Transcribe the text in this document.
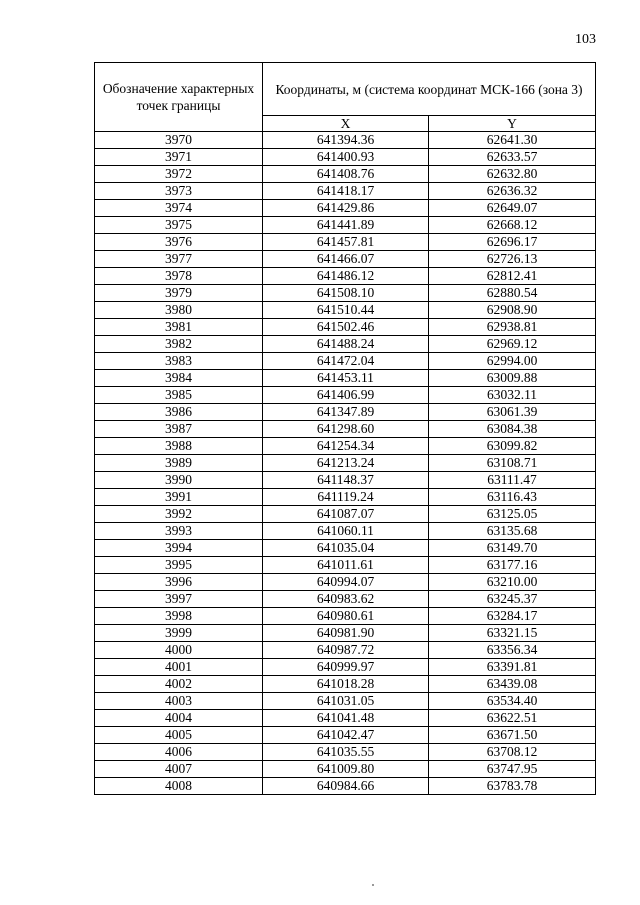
103
Обозначение характерных точек границы	Координаты, м (система координат МСК-166 (зона 3)	
	X	Y
3970	641394.36	62641.30
3971	641400.93	62633.57
3972	641408.76	62632.80
3973	641418.17	62636.32
3974	641429.86	62649.07
3975	641441.89	62668.12
3976	641457.81	62696.17
3977	641466.07	62726.13
3978	641486.12	62812.41
3979	641508.10	62880.54
3980	641510.44	62908.90
3981	641502.46	62938.81
3982	641488.24	62969.12
3983	641472.04	62994.00
3984	641453.11	63009.88
3985	641406.99	63032.11
3986	641347.89	63061.39
3987	641298.60	63084.38
3988	641254.34	63099.82
3989	641213.24	63108.71
3990	641148.37	63111.47
3991	641119.24	63116.43
3992	641087.07	63125.05
3993	641060.11	63135.68
3994	641035.04	63149.70
3995	641011.61	63177.16
3996	640994.07	63210.00
3997	640983.62	63245.37
3998	640980.61	63284.17
3999	640981.90	63321.15
4000	640987.72	63356.34
4001	640999.97	63391.81
4002	641018.28	63439.08
4003	641031.05	63534.40
4004	641041.48	63622.51
4005	641042.47	63671.50
4006	641035.55	63708.12
4007	641009.80	63747.95
4008	640984.66	63783.78
